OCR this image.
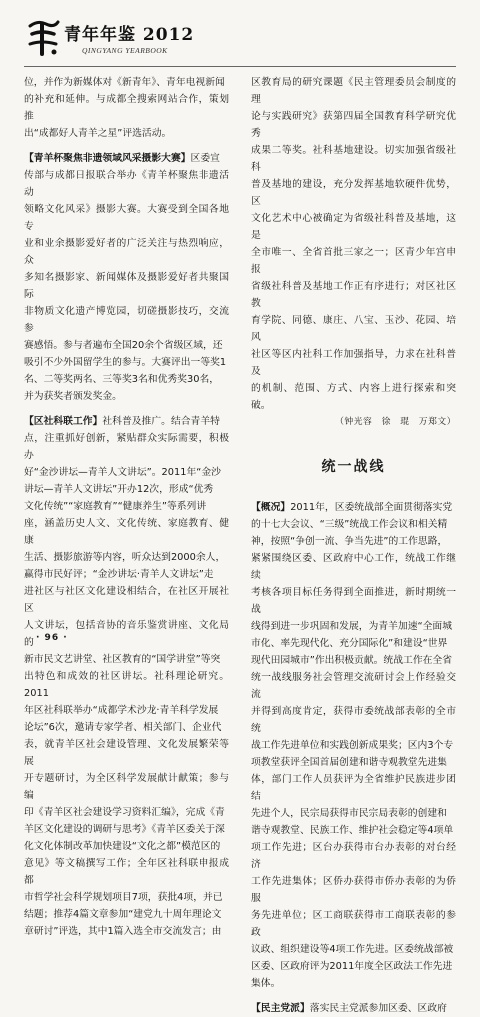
青年年鉴 2012
QINGYANG YEARBOOK
位，并作为新媒体对《新青年》、青年电视新闻
的补充和延伸。与成都全搜索网站合作，策划推
出“成都好人青羊之星”评选活动。
【青羊杯聚焦非遗领域风采摄影大赛】区委宣
传部与成都日报联合举办《青羊杯聚焦非遗活动
领略文化风采》摄影大赛。大赛受到全国各地专
业和业余摄影爱好者的广泛关注与热烈响应，众
多知名摄影家、新闻媒体及摄影爱好者共聚国际
非物质文化遗产博览园，切磋摄影技巧，交流参
赛感悟。参与者遍布全国20余个省级区域，还
吸引不少外国留学生的参与。大赛评出一等奖1
名、二等奖两名、三等奖3名和优秀奖30名，
并为获奖者颁发奖金。
【区社科联工作】社科普及推广。结合青羊特
点，注重抓好创新，紧贴群众实际需要，积极办
好“金沙讲坛—青羊人文讲坛”。2011年“金沙
讲坛—青羊人文讲坛”开办12次，形成“优秀
文化传统”“家庭教育”“健康养生”等系列讲
座，涵盖历史人文、文化传统、家庭教育、健康
生活、摄影旅游等内容，听众达到2000余人，
赢得市民好评；“金沙讲坛·青羊人文讲坛”走
进社区与社区文化建设相结合，在社区开展社区
人文讲坛，包括音协的音乐鉴赏讲座、文化局的
新市民文艺讲堂、社区教育的“国学讲堂”等突
出特色和成效的社区讲坛。社科理论研究。2011
年区社科联举办“成都学术沙龙·青羊科学发展
论坛”6次，邀请专家学者、相关部门、企业代
表，就青羊区社会建设管理、文化发展繁荣等展
开专题研讨，为全区科学发展献计献策；参与编
印《青羊区社会建设学习资料汇编》，完成《青
羊区文化建设的调研与思考》《青羊区委关于深
化文化体制改革加快建设“文化之都”模范区的
意见》等文稿撰写工作；全年区社科联申报成都
市哲学社会科学规划项目7项，获批4项，并已
结题；推荐4篇文章参加“建党九十周年理论文
章研讨”评选，其中1篇入选全市交流发言；由
区教育局的研究课题《民主管理委员会制度的理
论与实践研究》获第四届全国教育科学研究优秀
成果二等奖。社科基地建设。切实加强省级社科
普及基地的建设，充分发挥基地软硬件优势，区
文化艺术中心被确定为省级社科普及基地，这是
全市唯一、全省首批三家之一；区青少年宫申报
省级社科普及基地工作正有序进行；对区社区教
育学院、同德、康庄、八宝、玉沙、花园、培风
社区等区内社科工作加强指导，力求在社科普及
的机制、范围、方式、内容上进行探索和突破。
（钟光容　徐　琨　万郑文）
统一战线
【概况】2011年，区委统战部全面贯彻落实党
的十七大会议、“三级”统战工作会议和相关精
神，按照“争创一流、争当先进”的工作思路，
紧紧围绕区委、区政府中心工作，统战工作继续
考核各项目标任务得到全面推进，新时期统一战
线得到进一步巩固和发展，为青羊加速“全面城
市化、率先现代化、充分国际化”和建设“世界
现代田园城市”作出积极贡献。统战工作在全省
统一战线服务社会管理交流研讨会上作经验交流
并得到高度肯定，获得市委统战部表彰的全市统
战工作先进单位和实践创新成果奖；区内3个专
项教堂获评全国首届创建和谐寺观教堂先进集
体，部门工作人员获评为全省维护民族进步团结
先进个人，民宗局获得市民宗局表彰的创建和
谐寺观教堂、民族工作、维护社会稳定等4项单
项工作先进；区台办获得市台办表彰的对台经济
工作先进集体；区侨办获得市侨办表彰的为侨服
务先进单位；区工商联获得市工商联表彰的参政
议政、组织建设等4项工作先进。区委统战部被
区委、区政府评为2011年度全区政法工作先进
集体。
【民主党派】落实民主党派参加区委、区政府
· 96 ·
